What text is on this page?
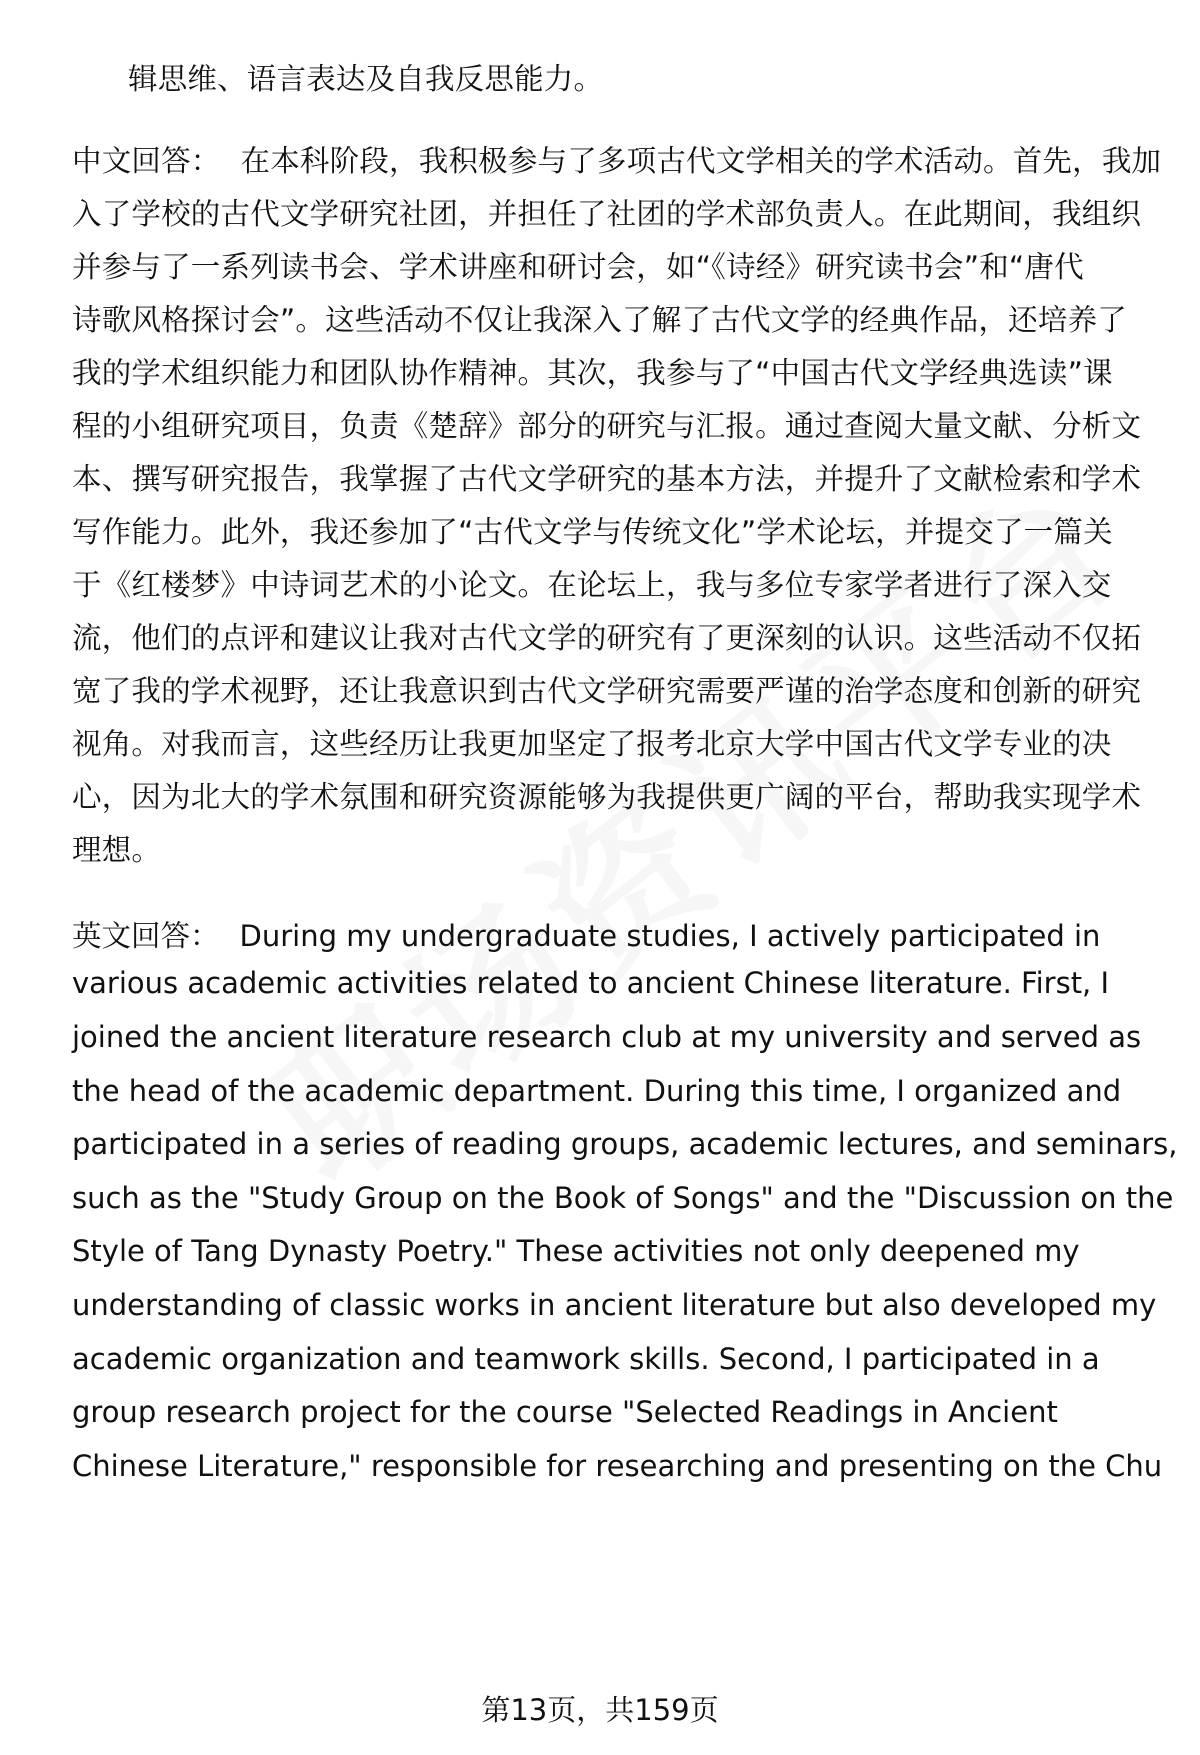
辑思维、语言表达及自我反思能力。
中文回答： 在本科阶段，我积极参与了多项古代文学相关的学术活动。首先，我加
入了学校的古代文学研究社团，并担任了社团的学术部负责人。在此期间，我组织
并参与了一系列读书会、学术讲座和研讨会，如“《诗经》研究读书会”和“唐代
诗歌风格探讨会”。这些活动不仅让我深入了解了古代文学的经典作品，还培养了
我的学术组织能力和团队协作精神。其次，我参与了“中国古代文学经典选读”课
程的小组研究项目，负责《楚辞》部分的研究与汇报。通过查阅大量文献、分析文
本、撰写研究报告，我掌握了古代文学研究的基本方法，并提升了文献检索和学术
写作能力。此外，我还参加了“古代文学与传统文化”学术论坛，并提交了一篇关
于《红楼梦》中诗词艺术的小论文。在论坛上，我与多位专家学者进行了深入交
流，他们的点评和建议让我对古代文学的研究有了更深刻的认识。这些活动不仅拓
宽了我的学术视野，还让我意识到古代文学研究需要严谨的治学态度和创新的研究
视角。对我而言，这些经历让我更加坚定了报考北京大学中国古代文学专业的决
心，因为北大的学术氛围和研究资源能够为我提供更广阔的平台，帮助我实现学术
理想。
英文回答： During my undergraduate studies, I actively participated in
various academic activities related to ancient Chinese literature. First, I
joined the ancient literature research club at my university and served as
the head of the academic department. During this time, I organized and
participated in a series of reading groups, academic lectures, and seminars,
such as the "Study Group on the Book of Songs" and the "Discussion on the
Style of Tang Dynasty Poetry." These activities not only deepened my
understanding of classic works in ancient literature but also developed my
academic organization and teamwork skills. Second, I participated in a
group research project for the course "Selected Readings in Ancient
Chinese Literature," responsible for researching and presenting on the Chu
第13页，共159页
